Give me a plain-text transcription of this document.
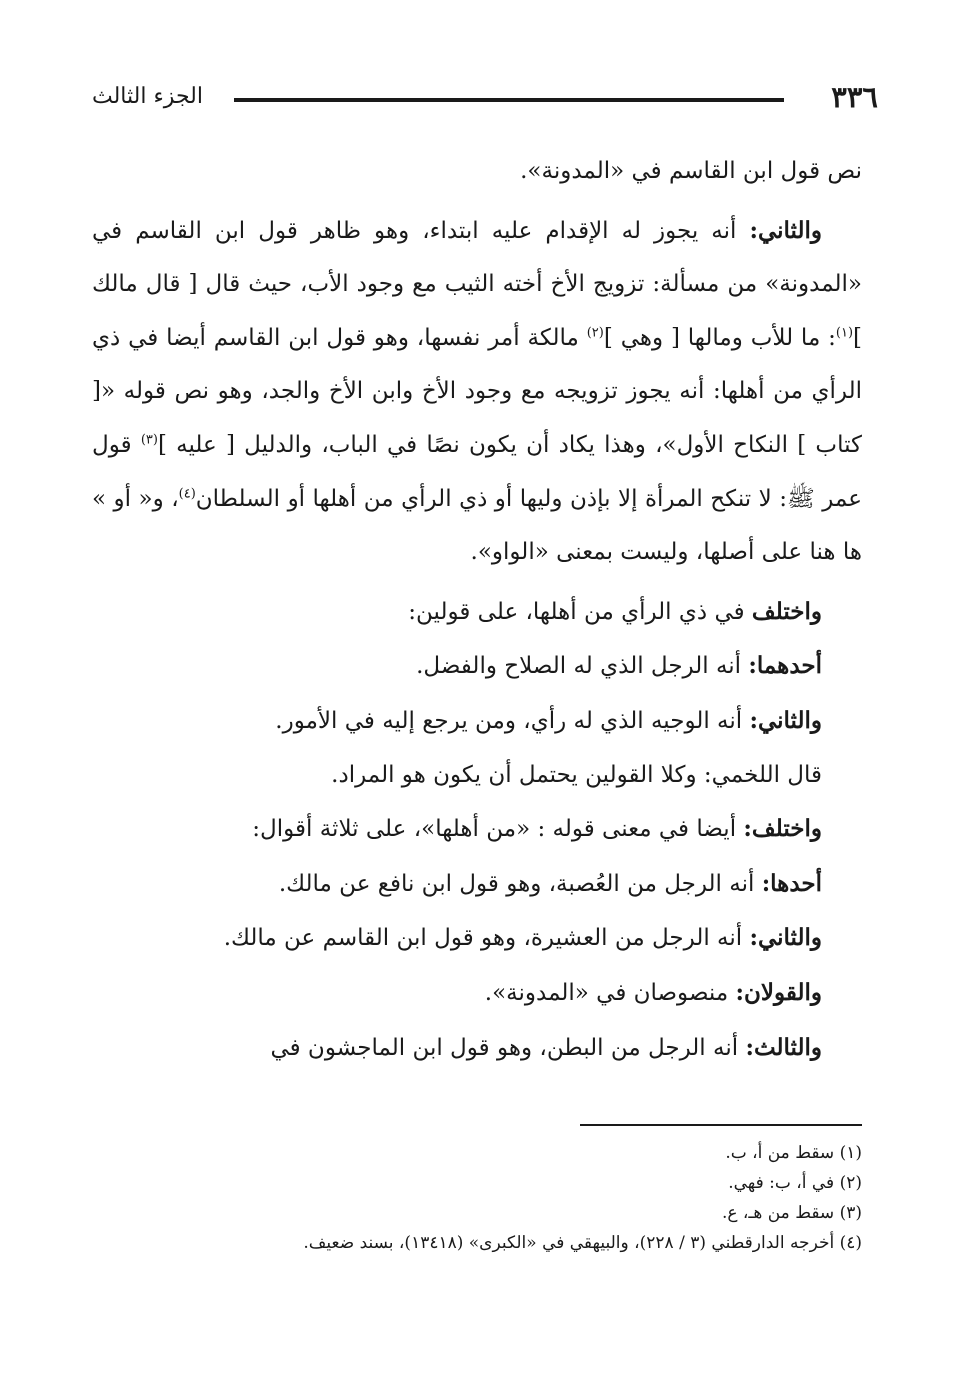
٣٣٦
الجزء الثالث

نص قول ابن القاسم في «المدونة».

والثاني: أنه يجوز له الإقدام عليه ابتداء، وهو ظاهر قول ابن القاسم في «المدونة» من مسألة: تزويج الأخ أخته الثيب مع وجود الأب، حيث قال [ قال مالك ]$^{(١)}$: ما للأب ومالها [ وهي ]$^{(٢)}$ مالكة أمر نفسها، وهو قول ابن القاسم أيضا في ذي الرأي من أهلها: أنه يجوز تزويجه مع وجود الأخ وابن الأخ والجد، وهو نص قوله «[ كتاب ] النكاح الأول»، وهذا يكاد أن يكون نصًا في الباب، والدليل [ عليه ]$^{(٣)}$ قول عمر ﷺ: لا تنكح المرأة إلا بإذن وليها أو ذي الرأي من أهلها أو السلطان$^{(٤)}$، و« أو » ها هنا على أصلها، وليست بمعنى «الواو».

واختلف في ذي الرأي من أهلها، على قولين:

أحدهما: أنه الرجل الذي له الصلاح والفضل.

والثاني: أنه الوجيه الذي له رأي، ومن يرجع إليه في الأمور.

قال اللخمي: وكلا القولين يحتمل أن يكون هو المراد.

واختلف: أيضا في معنى قوله : «من أهلها»، على ثلاثة أقوال:

أحدها: أنه الرجل من العُصبة، وهو قول ابن نافع عن مالك.

والثاني: أنه الرجل من العشيرة، وهو قول ابن القاسم عن مالك.

والقولان: منصوصان في «المدونة».

والثالث: أنه الرجل من البطن، وهو قول ابن الماجشون في

(١) سقط من أ، ب.

(٢) في أ، ب: فهي.

(٣) سقط من هـ، ع.

(٤) أخرجه الدارقطني (٣ / ٢٢٨)، والبيهقي في «الكبرى» (١٣٤١٨)، بسند ضعيف.
